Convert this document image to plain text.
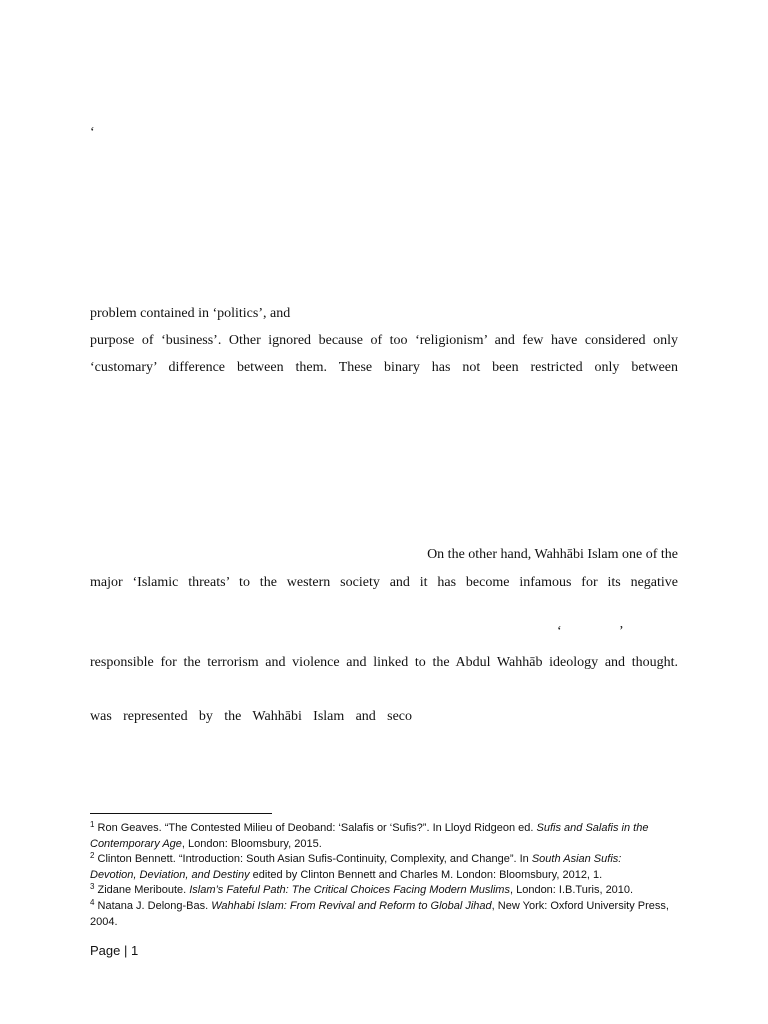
‘
problem contained in ‘politics’, and
purpose of ‘business’. Other ignored because of too ‘religionism’ and few have considered only
‘customary’ difference between them. These binary has not been restricted only between
On the other hand, Wahhābi Islam one of the
major ‘Islamic threats’ to the western society and it has become infamous for its negative
‘	’
responsible for the terrorism and violence and linked to the Abdul Wahhāb ideology and thought.
was represented by the Wahhābi Islam and seco
$^1$ Ron Geaves. “The Contested Milieu of Deoband: ‘Salafis or ‘Sufis?”. In Lloyd Ridgeon ed. Sufis and Salafis in the Contemporary Age, London: Bloomsbury, 2015.
$^2$ Clinton Bennett. “Introduction: South Asian Sufis-Continuity, Complexity, and Change”. In South Asian Sufis: Devotion, Deviation, and Destiny edited by Clinton Bennett and Charles M. London: Bloomsbury, 2012, 1.
$^3$ Zidane Meriboute. Islam’s Fateful Path: The Critical Choices Facing Modern Muslims, London: I.B.Turis, 2010.
$^4$ Natana J. Delong-Bas. Wahhabi Islam: From Revival and Reform to Global Jihad, New York: Oxford University Press, 2004.
Page | 1
